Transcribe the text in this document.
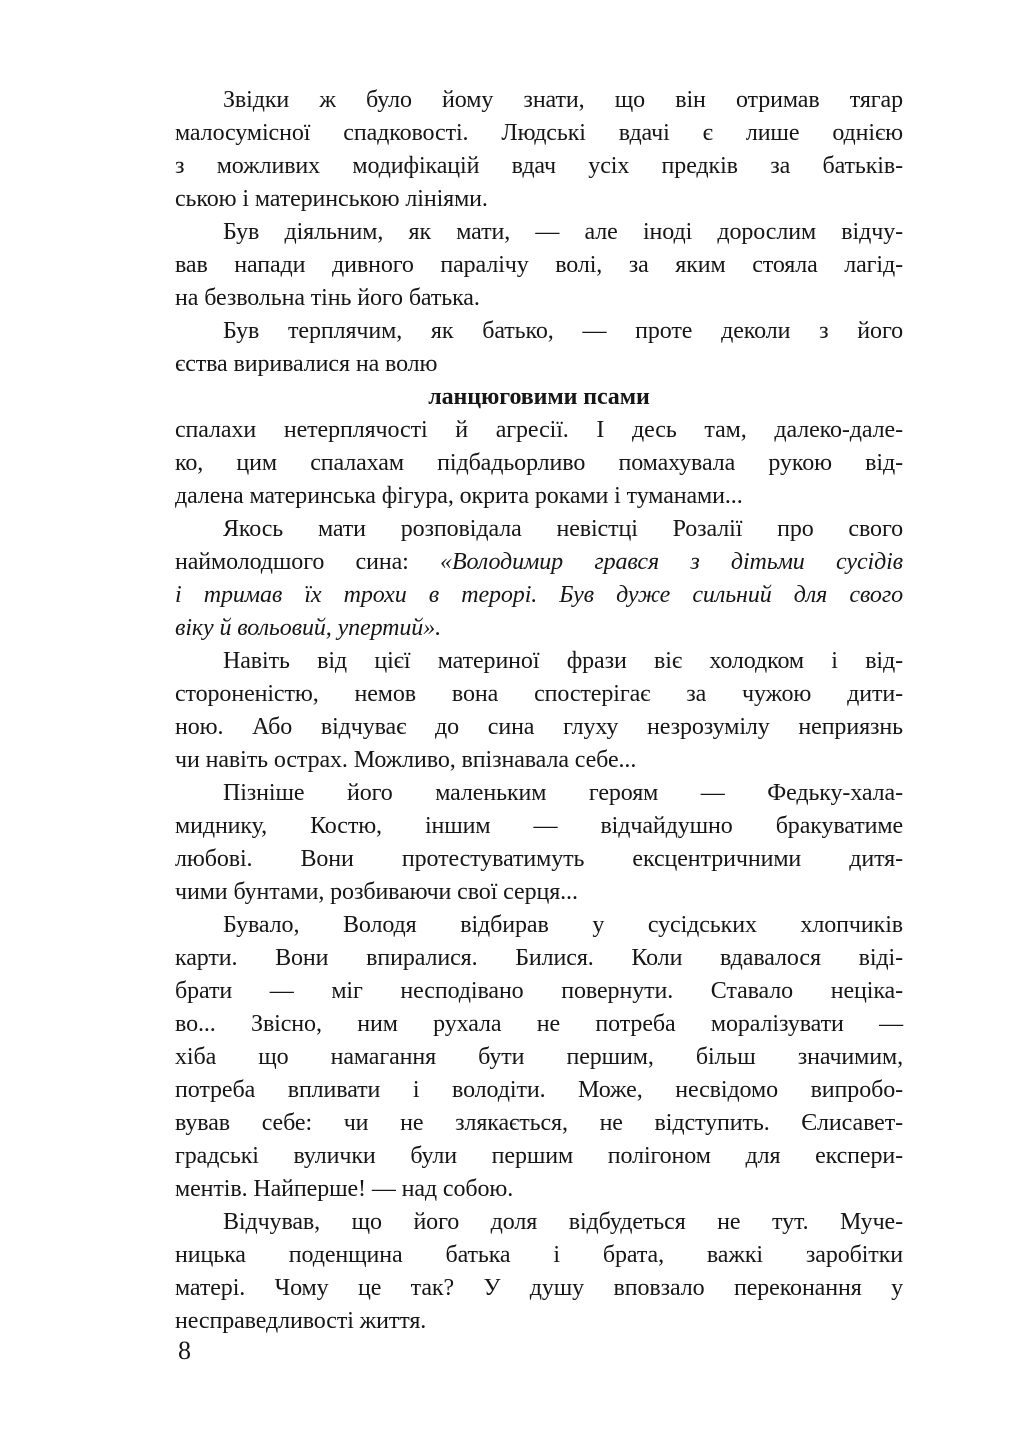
Звідки ж було йому знати, що він отримав тягар
малосумісної спадковості. Людські вдачі є лише однією
з можливих модифікацій вдач усіх предків за батьків-
ською і материнською лініями.
Був діяльним, як мати, — але іноді дорослим відчу-
вав напади дивного паралічу волі, за яким стояла лагід-
на безвольна тінь його батька.
Був терплячим, як батько, — проте деколи з його
єства виривалися на волю
ланцюговими псами
спалахи нетерплячості й агресії. І десь там, далеко-дале-
ко, цим спалахам підбадьорливо помахувала рукою від-
далена материнська фігура, окрита роками і туманами...
Якось мати розповідала невістці Розалії про свого
наймолодшого сина: «Володимир грався з дітьми сусідів
і тримав їх трохи в терорі. Був дуже сильний для свого
віку й вольовий, упертий».
Навіть від цієї материної фрази віє холодком і від-
стороненістю, немов вона спостерігає за чужою дити-
ною. Або відчуває до сина глуху незрозумілу неприязнь
чи навіть острах. Можливо, впізнавала себе...
Пізніше його маленьким героям — Федьку-хала-
миднику, Костю, іншим — відчайдушно бракуватиме
любові. Вони протестуватимуть ексцентричними дитя-
чими бунтами, розбиваючи свої серця...
Бувало, Володя відбирав у сусідських хлопчиків
карти. Вони впиралися. Билися. Коли вдавалося віді-
брати — міг несподівано повернути. Ставало неціка-
во... Звісно, ним рухала не потреба моралізувати —
хіба що намагання бути першим, більш значимим,
потреба впливати і володіти. Може, несвідомо випробо-
вував себе: чи не злякається, не відступить. Єлисавет-
градські вулички були першим полігоном для експери-
ментів. Найперше! — над собою.
Відчував, що його доля відбудеться не тут. Муче-
ницька поденщина батька і брата, важкі заробітки
матері. Чому це так? У душу вповзало переконання у
несправедливості життя.
8
